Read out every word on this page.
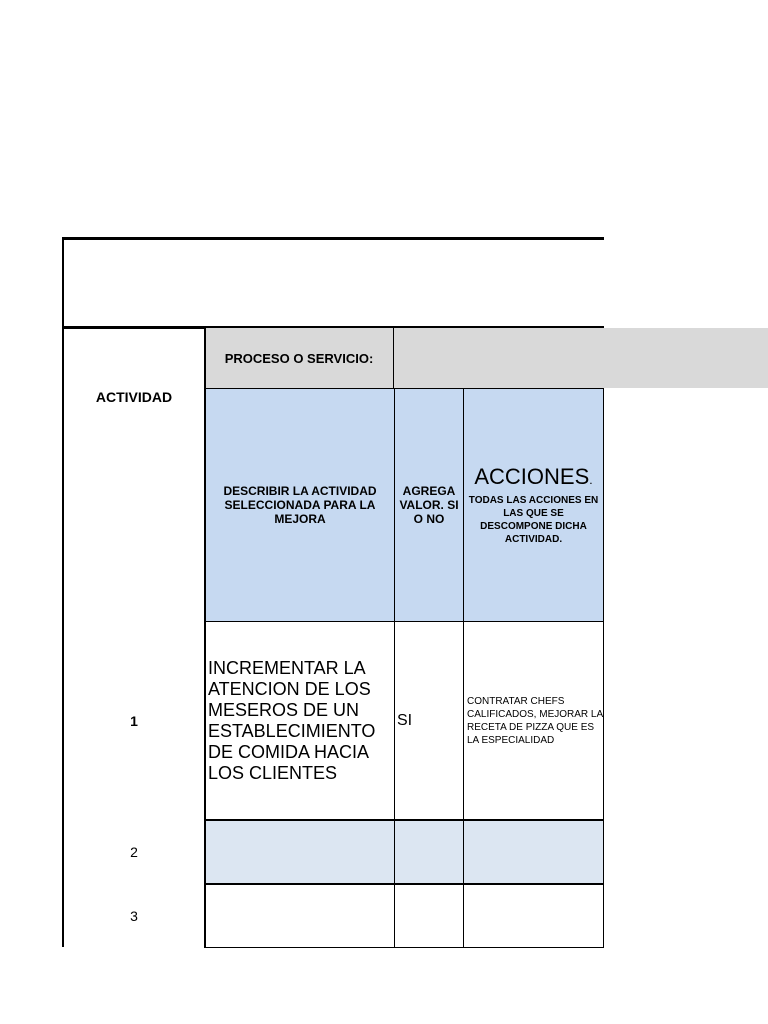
PROCESO O SERVICIO:
ACTIVIDAD
DESCRIBIR LA ACTIVIDAD SELECCIONADA PARA LA MEJORA
AGREGA VALOR. SI O NO
ACCIONES.
TODAS LAS ACCIONES EN LAS QUE SE DESCOMPONE DICHA ACTIVIDAD.
1
INCREMENTAR LA ATENCION DE LOS MESEROS DE UN ESTABLECIMIENTO DE COMIDA HACIA LOS CLIENTES
SI
CONTRATAR CHEFS CALIFICADOS, MEJORAR LA RECETA DE PIZZA QUE ES LA ESPECIALIDAD
2
3
